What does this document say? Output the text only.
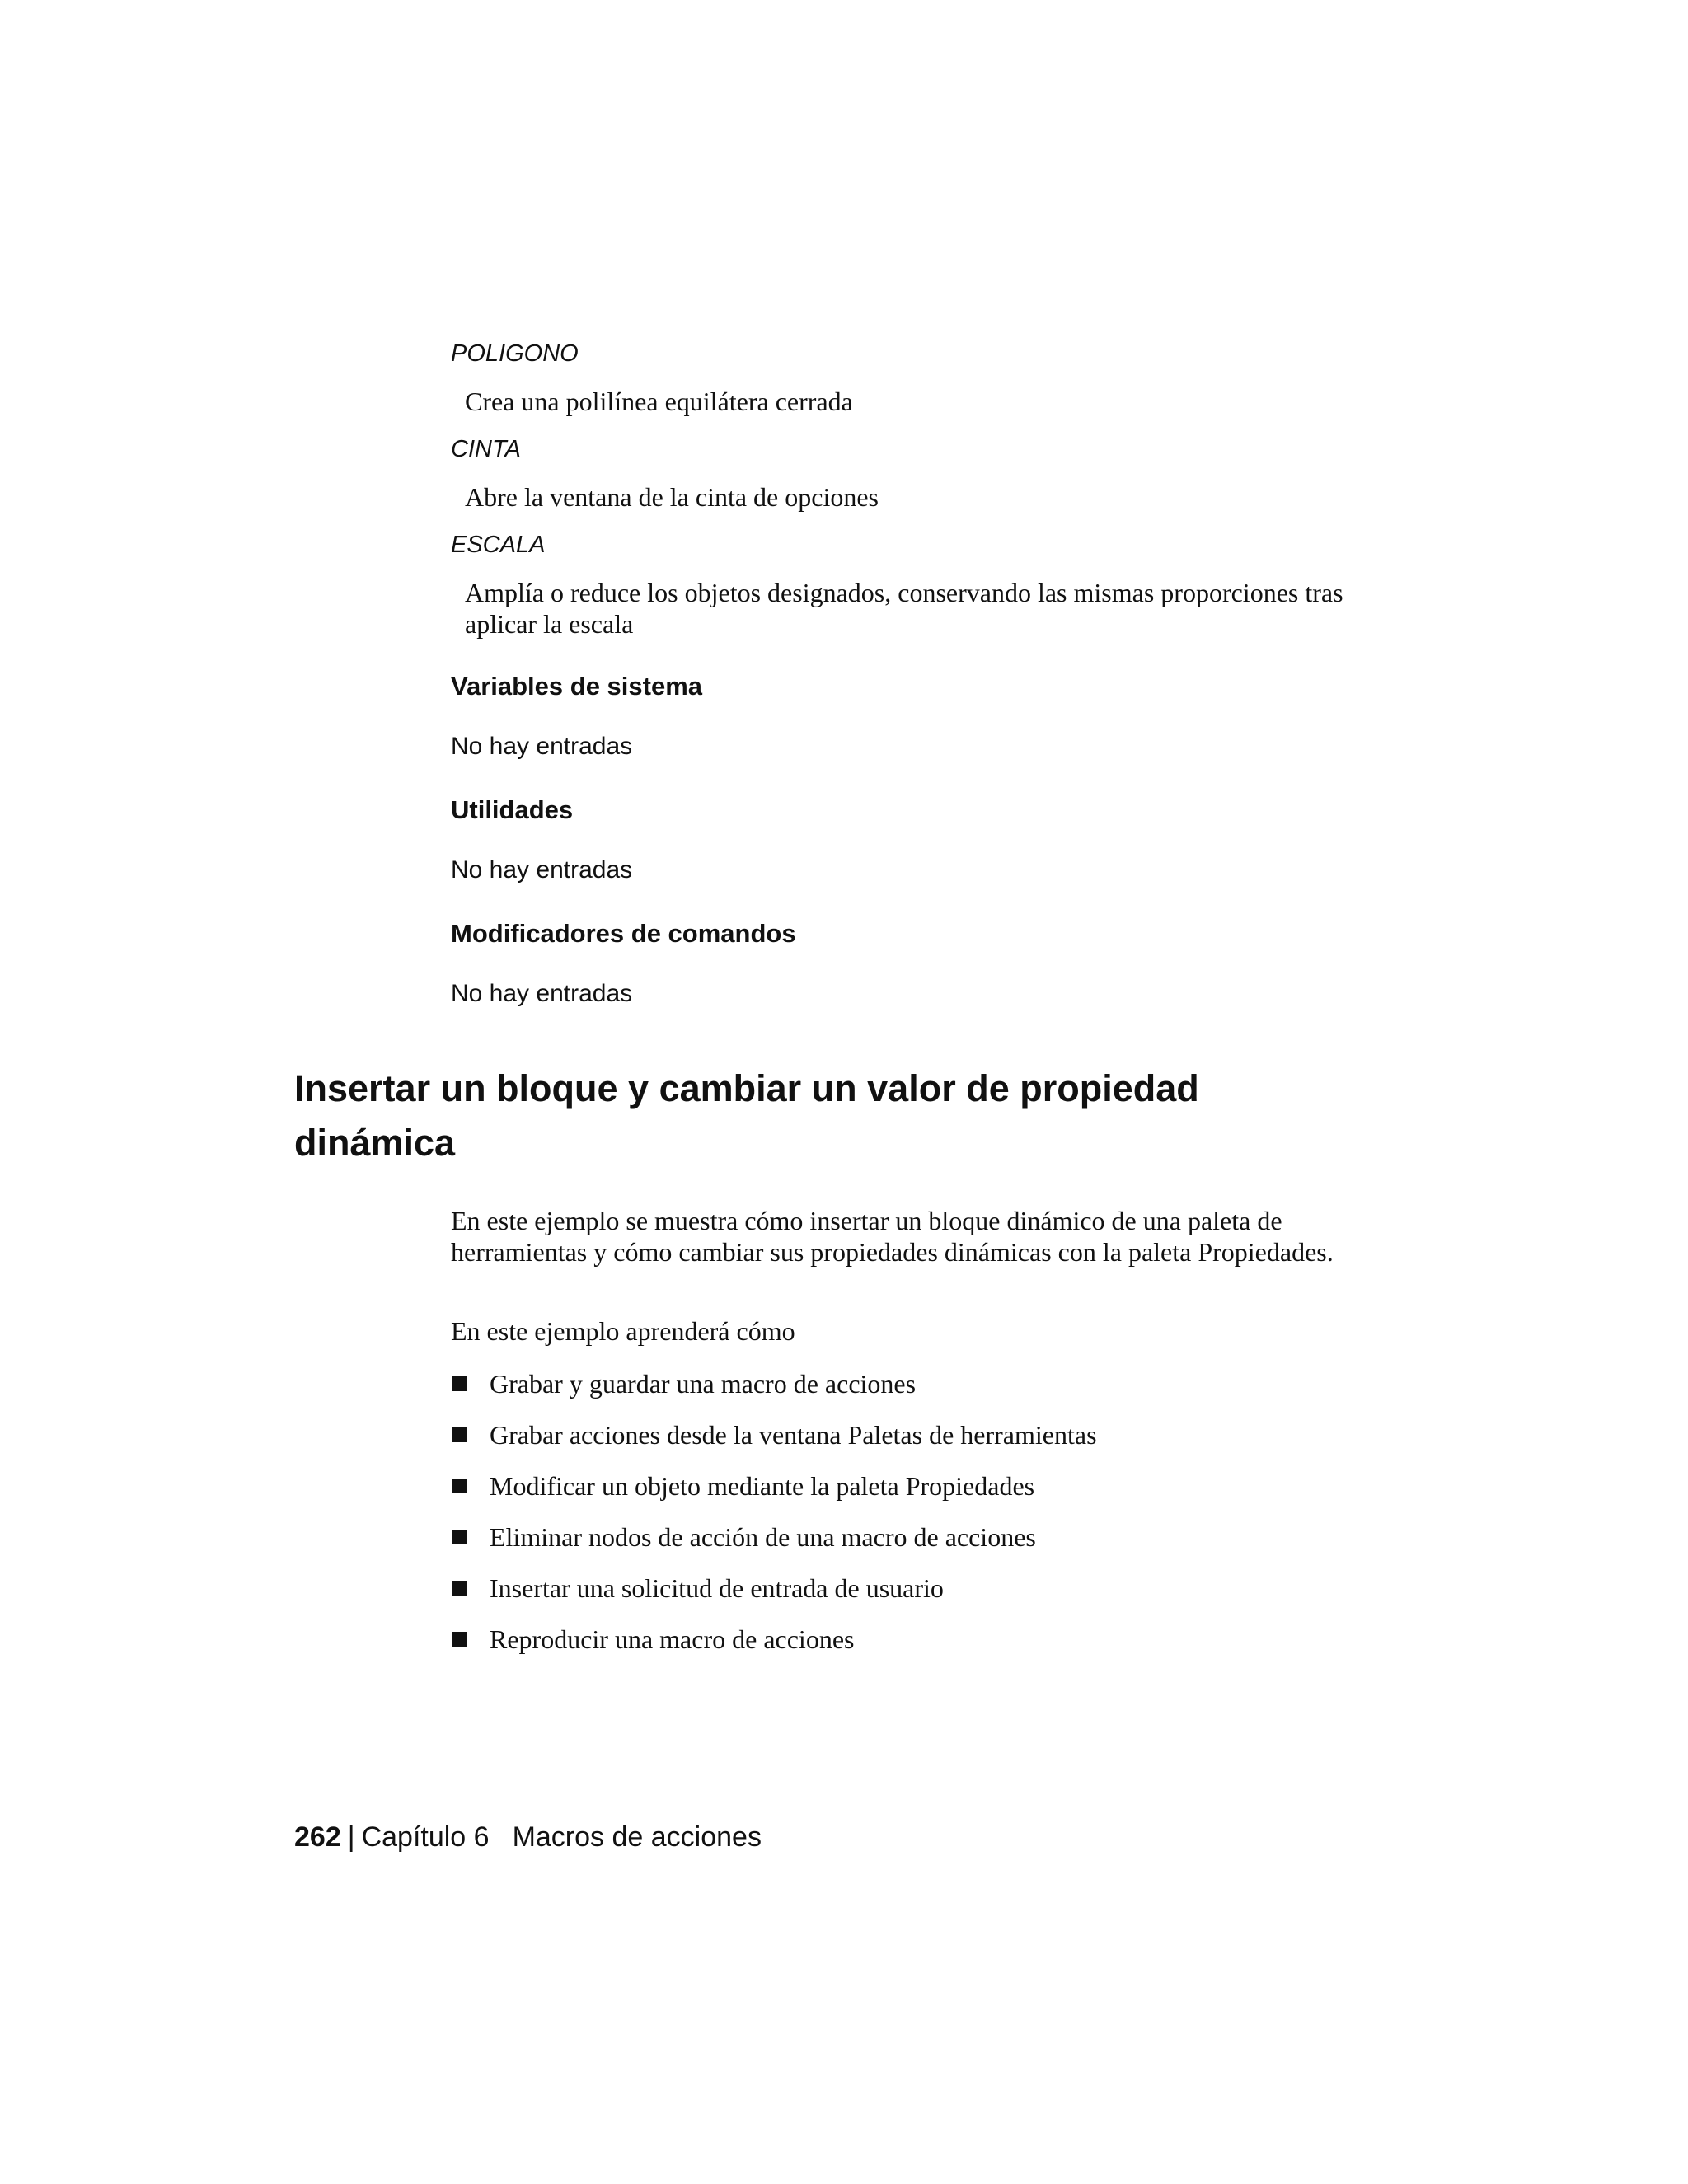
POLIGONO

Crea una polilínea equilátera cerrada

CINTA

Abre la ventana de la cinta de opciones

ESCALA

Amplía o reduce los objetos designados, conservando las mismas proporciones tras aplicar la escala

Variables de sistema

No hay entradas

Utilidades

No hay entradas

Modificadores de comandos

No hay entradas

Insertar un bloque y cambiar un valor de propiedad dinámica

En este ejemplo se muestra cómo insertar un bloque dinámico de una paleta de herramientas y cómo cambiar sus propiedades dinámicas con la paleta Propiedades.

En este ejemplo aprenderá cómo

Grabar y guardar una macro de acciones
Grabar acciones desde la ventana Paletas de herramientas
Modificar un objeto mediante la paleta Propiedades
Eliminar nodos de acción de una macro de acciones
Insertar una solicitud de entrada de usuario
Reproducir una macro de acciones
262 | Capítulo 6 Macros de acciones
